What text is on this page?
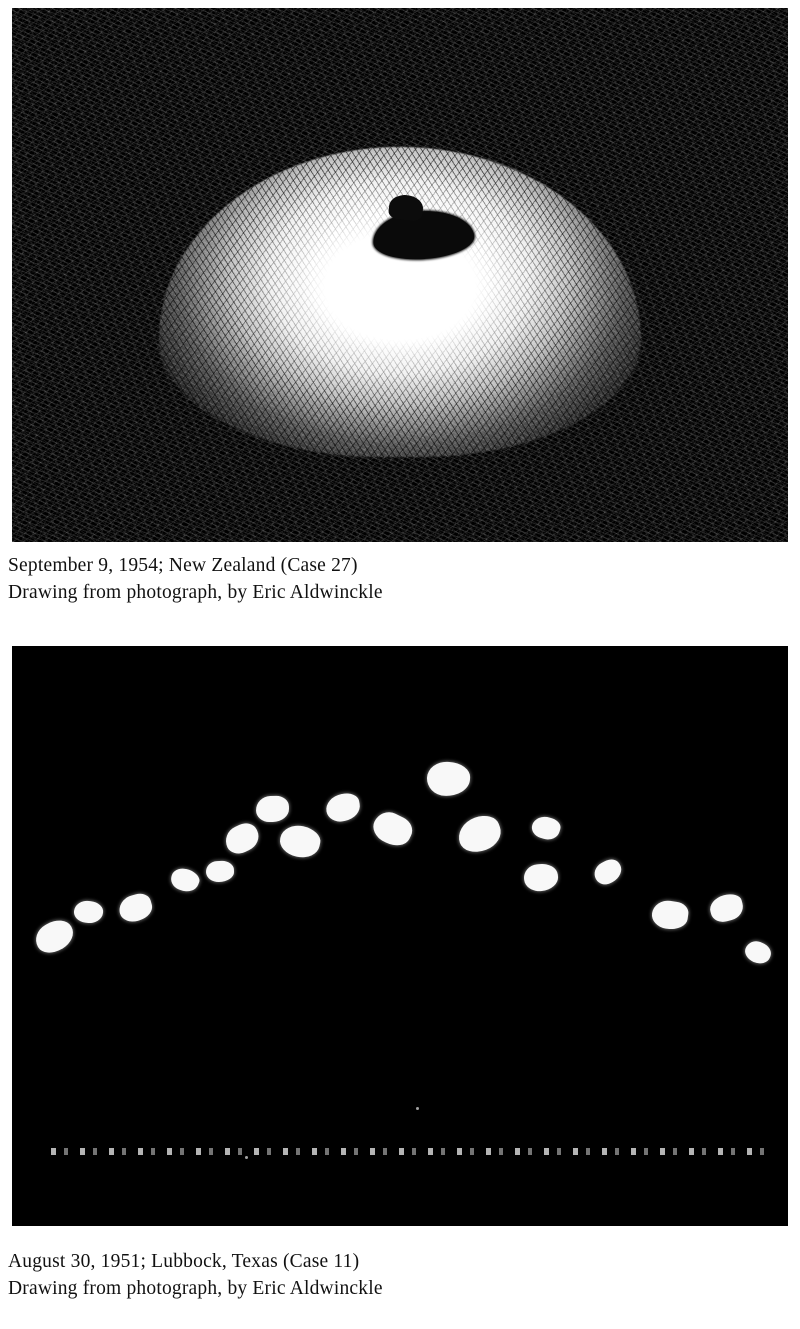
September 9, 1954; New Zealand (Case 27)
Drawing from photograph, by Eric Aldwinckle
August 30, 1951; Lubbock, Texas (Case 11)
Drawing from photograph, by Eric Aldwinckle
